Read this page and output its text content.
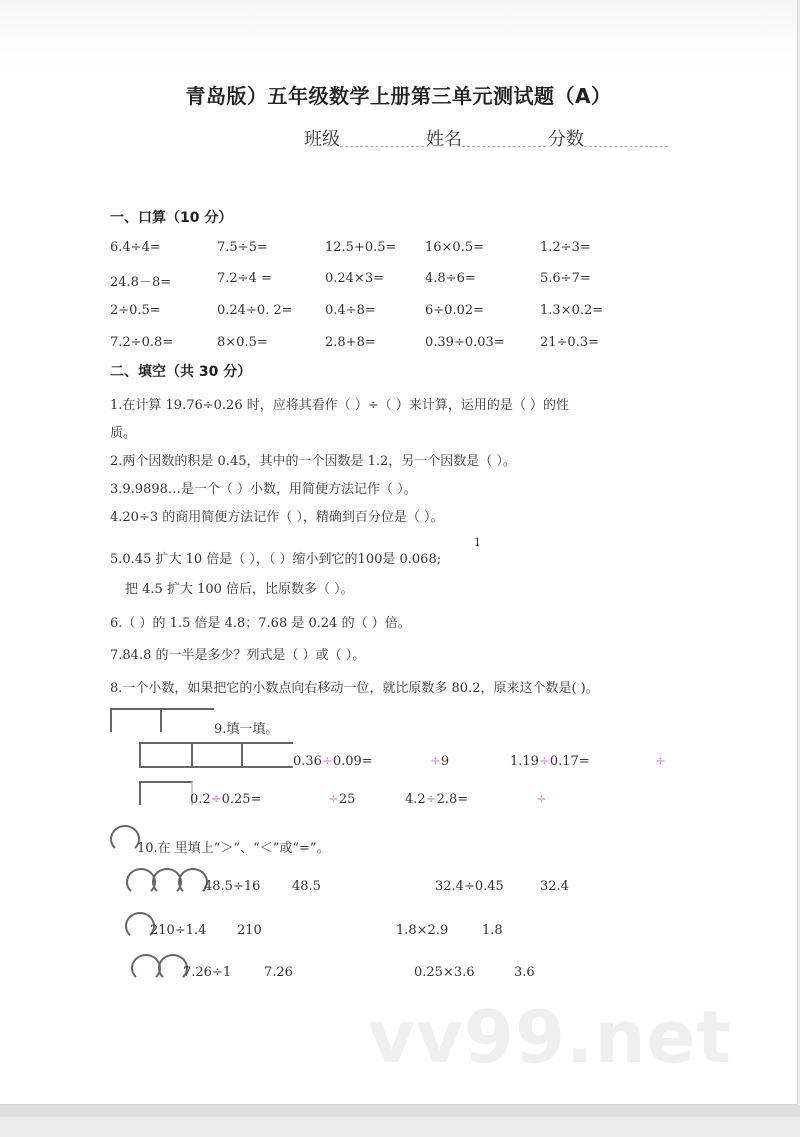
青岛版）五年级数学上册第三单元测试题（A）
班级	姓名	分数
一、口算（10 分）
6.4÷4=	7.5÷5=	12.5+0.5= 16×0.5=	1.2÷3=
24.8－8=	7.2÷4 =	0.24×3=	4.8÷6=	5.6÷7=
2÷0.5=	0.24÷0. 2= 0.4÷8=	6÷0.02=	1.3×0.2=
7.2÷0.8=	8×0.5=	2.8+8=	0.39÷0.03=	21÷0.3=
二、填空（共 30 分）
1.在计算 19.76÷0.26 时，应将其看作（ ）÷（ ）来计算，运用的是（ ）的性
质。
2.两个因数的积是 0.45，其中的一个因数是 1.2，另一个因数是（ ）。
3.9.9898…是一个（ ）小数，用简便方法记作（ ）。
4.20÷3 的商用简便方法记作（ ），精确到百分位是（ ）。
1
5.0.45 扩大 10 倍是（ ），（ ）缩小到它的100是 0.068;
把 4.5 扩大 100 倍后，比原数多（ ）。
6.（ ）的 1.5 倍是 4.8；7.68 是 0.24 的（ ）倍。
7.84.8 的一半是多少？列式是（ ）或（ ）。
8.一个小数，如果把它的小数点向右移动一位，就比原数多 80.2，原来这个数是( )。
9.填一填。
0.36÷0.09=	÷9	1.19÷0.17=	÷
0.2÷0.25=	÷25	4.2÷2.8=	÷
10.在 里填上“＞”、“＜”或“=”。
48.5÷16 48.5	32.4÷0.45	32.4
210÷1.4 210	1.8×2.9	1.8
7.26÷1	7.26	0.25×3.6	3.6
vv99.net
